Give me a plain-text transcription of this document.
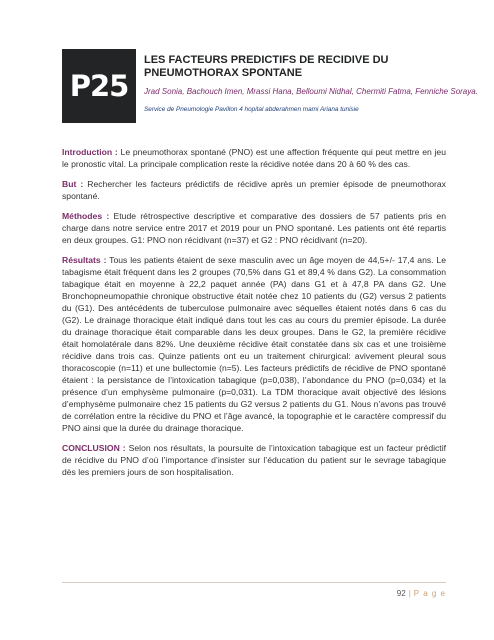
P25
LES FACTEURS PREDICTIFS DE RECIDIVE DU PNEUMOTHORAX SPONTANE
Jrad Sonia, Bachouch Imen, Mrassi Hana, Belloumi Nidhal, Chermiti Fatma, Fenniche Soraya.
Service de Pneumologie Pavillon 4 hopital abderahmen mami Ariana tunisie

Introduction : Le pneumothorax spontané (PNO) est une affection fréquente qui peut mettre en jeu le pronostic vital. La principale complication reste la récidive notée dans 20 à 60 % des cas.

But : Rechercher les facteurs prédictifs de récidive après un premier épisode de pneumothorax spontané.

Méthodes : Etude rétrospective descriptive et comparative des dossiers de 57 patients pris en charge dans notre service entre 2017 et 2019 pour un PNO spontané. Les patients ont été repartis en deux groupes. G1: PNO non récidivant (n=37) et G2 : PNO récidivant (n=20).

Résultats : Tous les patients étaient de sexe masculin avec un âge moyen de 44,5+/- 17,4 ans. Le tabagisme était fréquent dans les 2 groupes (70,5% dans G1 et 89,4 % dans G2). La consommation tabagique était en moyenne à 22,2 paquet année (PA) dans G1 et à 47,8 PA dans G2. Une Bronchopneumopathie chronique obstructive était notée chez 10 patients du (G2) versus 2 patients du (G1). Des antécédents de tuberculose pulmonaire avec séquelles étaient notés dans 6 cas du (G2). Le drainage thoracique était indiqué dans tout les cas au cours du premier épisode. La durée du drainage thoracique était comparable dans les deux groupes. Dans le G2, la première récidive était homolatérale dans 82%. Une deuxième récidive était constatée dans six cas et une troisième récidive dans trois cas. Quinze patients ont eu un traitement chirurgical: avivement pleural sous thoracoscopie (n=11) et une bullectomie (n=5). Les facteurs prédictifs de récidive de PNO spontané étaient : la persistance de l’intoxication tabagique (p=0,038), l’abondance du PNO (p=0,034) et la présence d’un emphysème pulmonaire (p=0,031). La TDM thoracique avait objectivé des lésions d’emphysème pulmonaire chez 15 patients du G2 versus 2 patients du G1. Nous n’avons pas trouvé de corrélation entre la récidive du PNO et l’âge avancé, la topographie et le caractère compressif du PNO ainsi que la durée du drainage thoracique.

CONCLUSION : Selon nos résultats, la poursuite de l’intoxication tabagique est un facteur prédictif de récidive du PNO d’où l’importance d’insister sur l’éducation du patient sur le sevrage tabagique dès les premiers jours de son hospitalisation.

92 | P a g e
